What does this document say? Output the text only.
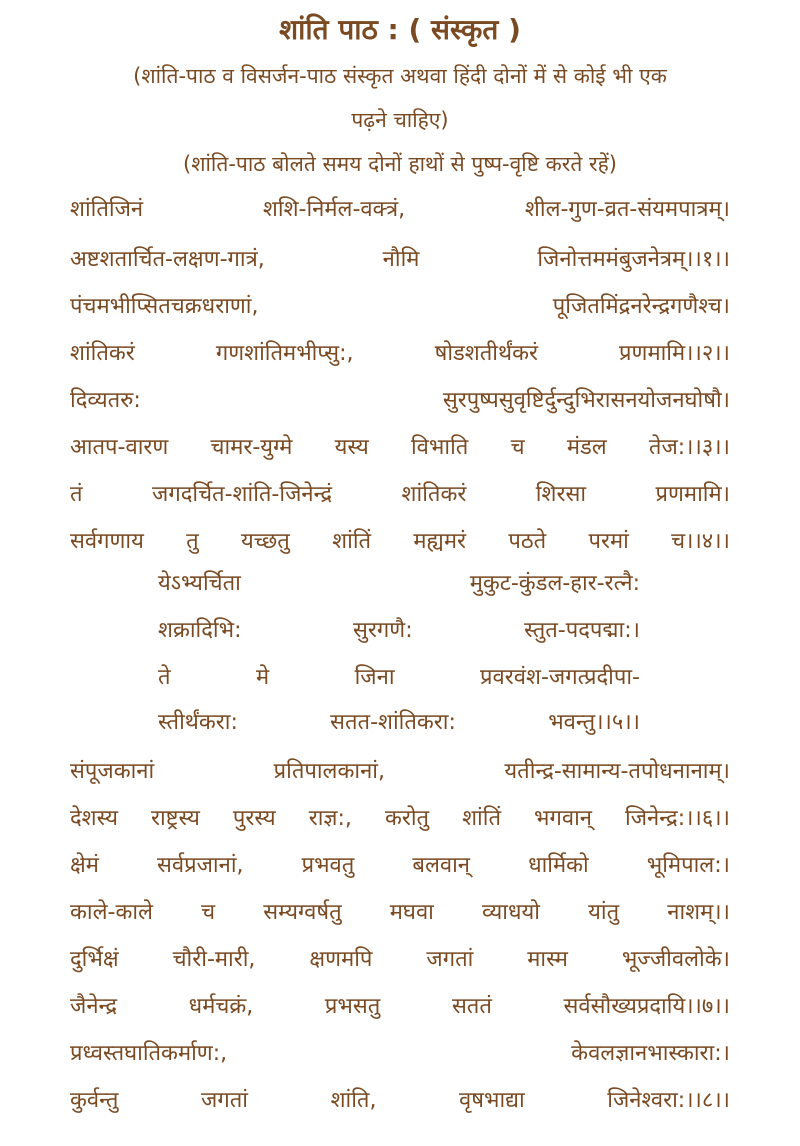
शांति पाठ : ( संस्कृत )
(शांति-पाठ व विसर्जन-पाठ संस्कृत अथवा हिंदी दोनों में से कोई भी एक
पढ़ने चाहिए)
(शांति-पाठ बोलते समय दोनों हाथों से पुष्प-वृष्टि करते रहें)
शांतिजिनं	शशि-निर्मल-वक्त्रं,	शील-गुण-व्रत-संयमपात्रम्।
अष्टशतार्चित-लक्षण-गात्रं,	नौमि	जिनोत्तममंबुजनेत्रम्।।१।।
पंचमभीप्सितचक्रधराणां,	पूजितमिंद्रनरेन्द्रगणैश्च।
शांतिकरं	गणशांतिमभीप्सु:,	षोडशतीर्थंकरं	प्रणमामि।।२।।
दिव्यतरु:	सुरपुष्पसुवृष्टिर्दुन्दुभिरासनयोजनघोषौ।
आतप-वारण चामर-युग्मे यस्य विभाति च मंडल तेज:।।३।।
तं	जगदर्चित-शांति-जिनेन्द्रं	शांतिकरं	शिरसा	प्रणमामि।
सर्वगणाय तु यच्छतु शांतिं मह्यमरं पठते परमां च।।४।।
येऽभ्यर्चिता	मुकुट-कुंडल-हार-रत्नै:
शक्रादिभि:	सुरगणै:	स्तुत-पदपद्मा:।
ते	मे	जिना	प्रवरवंश-जगत्प्रदीपा-
स्तीर्थंकरा:	सतत-शांतिकरा:	भवन्तु।।५।।
संपूजकानां	प्रतिपालकानां,	यतीन्द्र-सामान्य-तपोधनानाम्।
देशस्य राष्ट्रस्य पुरस्य राज्ञ:, करोतु शांतिं भगवान् जिनेन्द्र:।।६।।
क्षेमं	सर्वप्रजानां,	प्रभवतु	बलवान्	धार्मिको	भूमिपाल:।
काले-काले च सम्यग्वर्षतु मघवा व्याधयो यांतु नाशम्।।
दुर्भिक्षं चौरी-मारी, क्षणमपि जगतां मास्म भूज्जीवलोके।
जैनेन्द्र	धर्मचक्रं,	प्रभसतु	सततं	सर्वसौख्यप्रदायि।।७।।
प्रध्वस्तघातिकर्माण:,	केवलज्ञानभास्कारा:।
कुर्वन्तु	जगतां	शांति,	वृषभाद्या	जिनेश्वरा:।।८।।
